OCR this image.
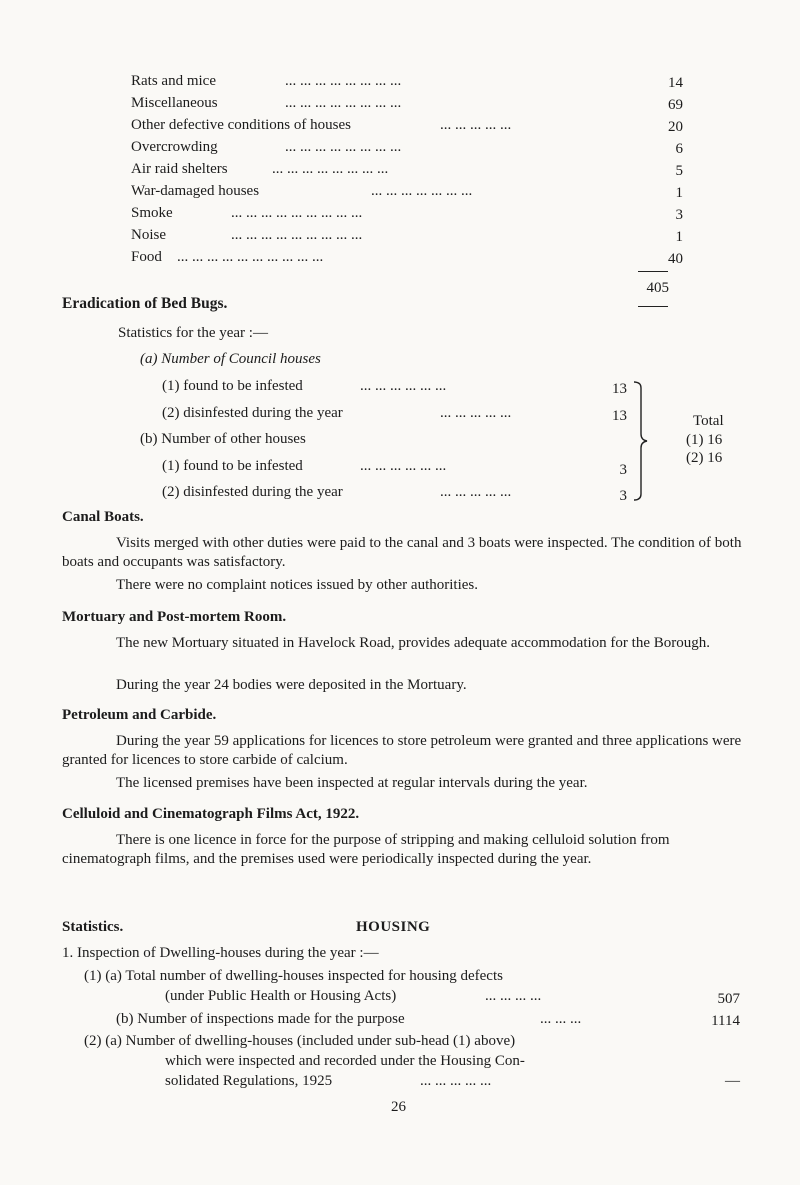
Rats and mice	... ... ... ... ... ... ... ...	14
Miscellaneous	... ... ... ... ... ... ... ...	69
Other defective conditions of houses	... ... ... ... ...	20
Overcrowding	... ... ... ... ... ... ... ...	6
Air raid shelters	... ... ... ... ... ... ... ...	5
War-damaged houses	... ... ... ... ... ... ...	1
Smoke	... ... ... ... ... ... ... ... ...	3
Noise	... ... ... ... ... ... ... ... ...	1
Food ... ... ... ... ... ... ... ... ... ...	40
405
Eradication of Bed Bugs.
Statistics for the year :—
(a) Number of Council houses
(1) found to be infested	... ... ... ... ... ...	13
(2) disinfested during the year	... ... ... ... ...	13
(b) Number of other houses
(1) found to be infested	... ... ... ... ... ...	3
(2) disinfested during the year	... ... ... ... ...	3
Total
(1) 16
(2) 16
Canal Boats.
Visits merged with other duties were paid to the canal and 3 boats were inspected. The condition of both boats and occupants was satisfactory.
There were no complaint notices issued by other authorities.
Mortuary and Post-mortem Room.
The new Mortuary situated in Havelock Road, provides adequate accommodation for the Borough.
During the year 24 bodies were deposited in the Mortuary.
Petroleum and Carbide.
During the year 59 applications for licences to store petroleum were granted and three applications were granted for licences to store carbide of calcium.
The licensed premises have been inspected at regular intervals during the year.
Celluloid and Cinematograph Films Act, 1922.
There is one licence in force for the purpose of stripping and making celluloid solution from cinematograph films, and the premises used were periodically inspected during the year.
Statistics.	HOUSING
1. Inspection of Dwelling-houses during the year :—
(1) (a) Total number of dwelling-houses inspected for housing defects
(under Public Health or Housing Acts)	... ... ... ...	507
(b) Number of inspections made for the purpose	... ... ...	1114
(2) (a) Number of dwelling-houses (included under sub-head (1) above)
which were inspected and recorded under the Housing Con-
solidated Regulations, 1925	... ... ... ... ...	—
26
